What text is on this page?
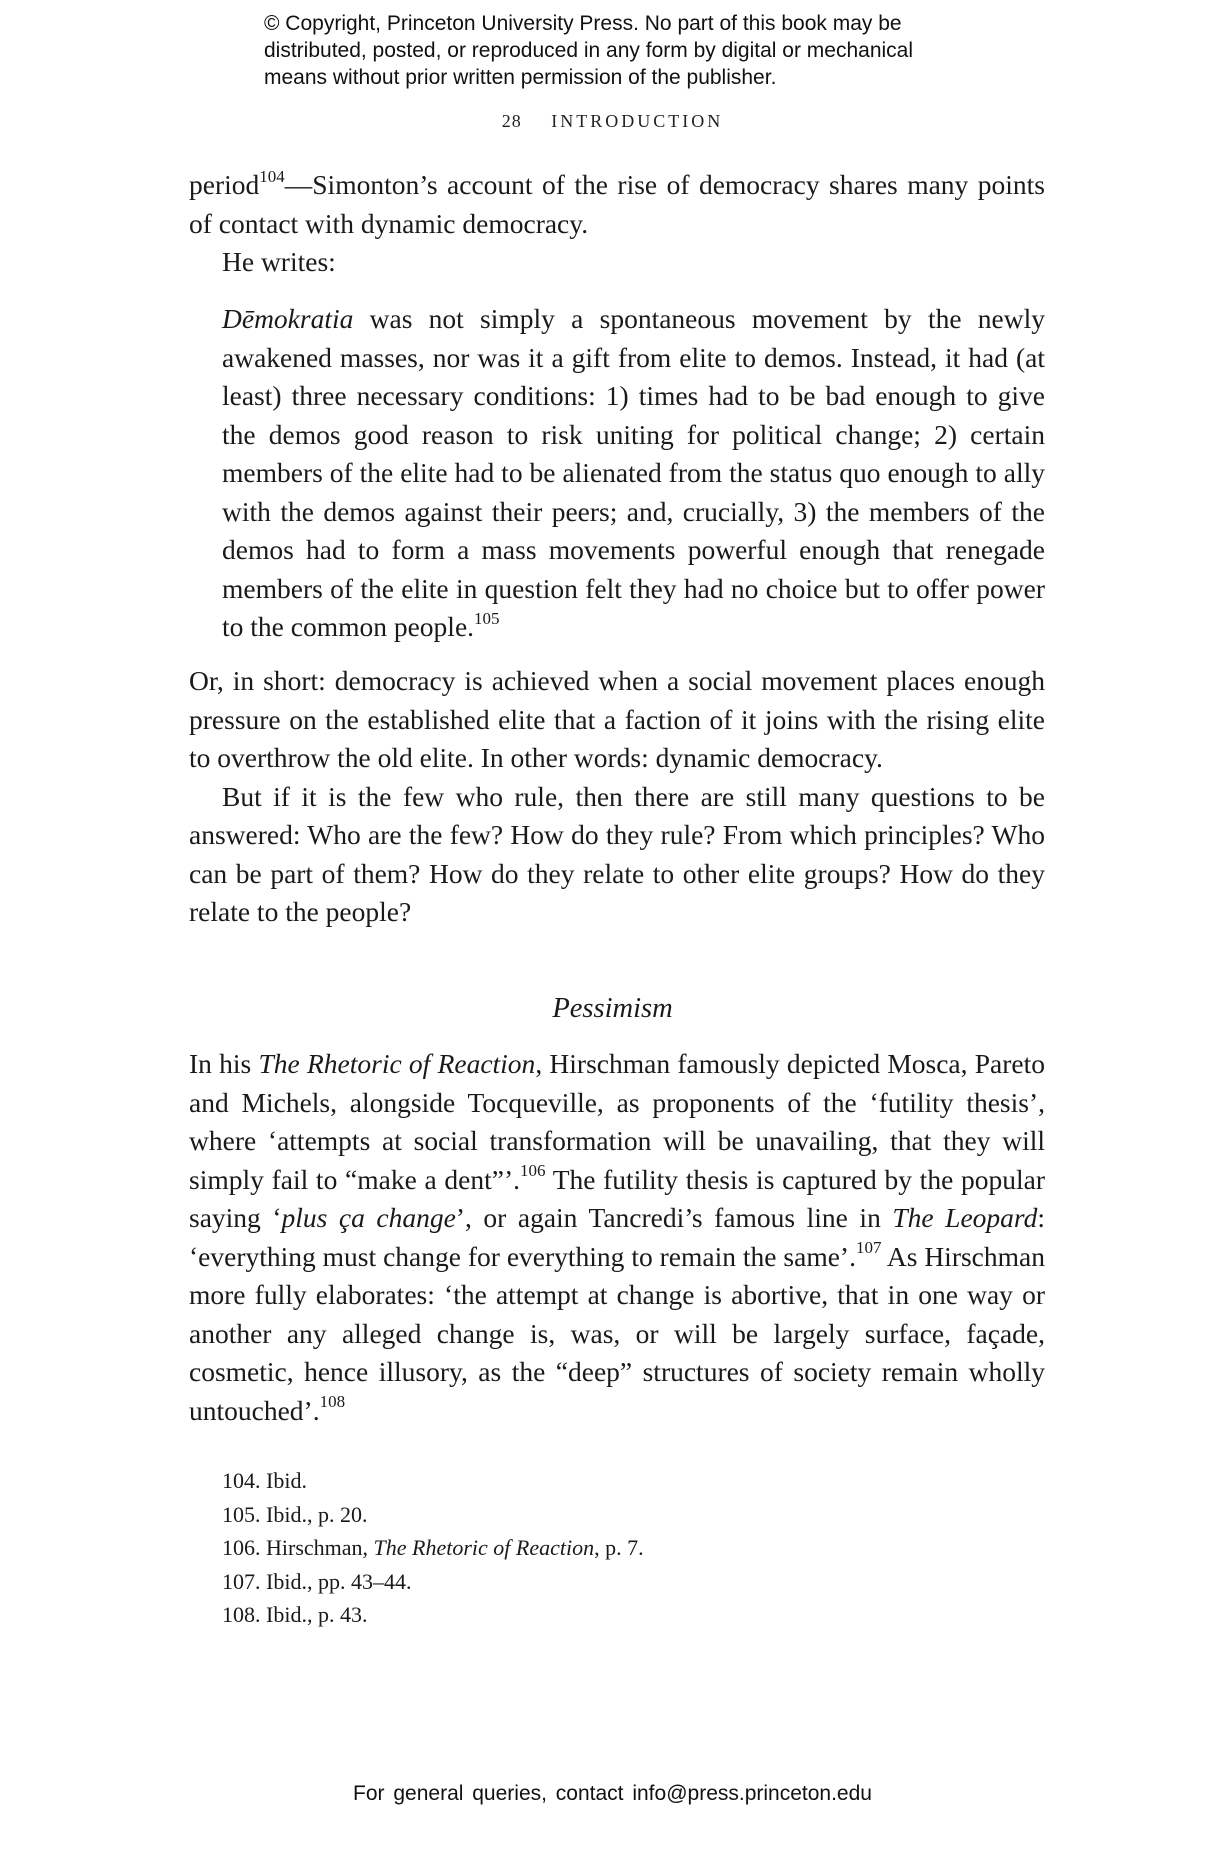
© Copyright, Princeton University Press. No part of this book may be
distributed, posted, or reproduced in any form by digital or mechanical
means without prior written permission of the publisher.
28 INTRODUCTION

period$^{104}$—Simonton’s account of the rise of democracy shares many points of contact with dynamic democracy.

He writes:

Dēmokratia was not simply a spontaneous movement by the newly awakened masses, nor was it a gift from elite to demos. Instead, it had (at least) three necessary conditions: 1) times had to be bad enough to give the demos good reason to risk uniting for political change; 2) certain members of the elite had to be alienated from the status quo enough to ally with the demos against their peers; and, crucially, 3) the members of the demos had to form a mass movements powerful enough that renegade members of the elite in question felt they had no choice but to offer power to the common people.$^{105}$

Or, in short: democracy is achieved when a social movement places enough pressure on the established elite that a faction of it joins with the rising elite to overthrow the old elite. In other words: dynamic democracy.

But if it is the few who rule, then there are still many questions to be answered: Who are the few? How do they rule? From which principles? Who can be part of them? How do they relate to other elite groups? How do they relate to the people?

Pessimism

In his The Rhetoric of Reaction, Hirschman famously depicted Mosca, Pareto and Michels, alongside Tocqueville, as proponents of the ‘futility thesis’, where ‘attempts at social transformation will be unavailing, that they will simply fail to “make a dent”’.$^{106}$ The futility thesis is captured by the popular saying ‘plus ça change’, or again Tancredi’s famous line in The Leopard: ‘everything must change for everything to remain the same’.$^{107}$ As Hirschman more fully elaborates: ‘the attempt at change is abortive, that in one way or another any alleged change is, was, or will be largely surface, façade, cosmetic, hence illusory, as the “deep” structures of society remain wholly untouched’.$^{108}$

104. Ibid.
105. Ibid., p. 20.
106. Hirschman, The Rhetoric of Reaction, p. 7.
107. Ibid., pp. 43–44.
108. Ibid., p. 43.
For general queries, contact info@press.princeton.edu
